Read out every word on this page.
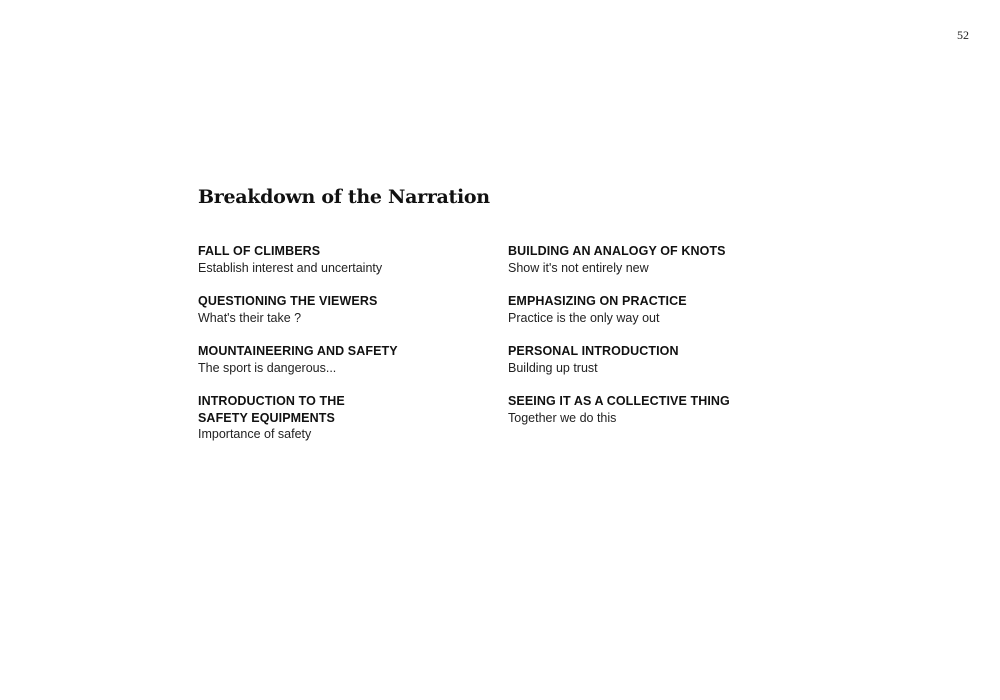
52
Breakdown of the Narration
FALL OF CLIMBERS
Establish interest and uncertainty
QUESTIONING THE VIEWERS
What's their take ?
MOUNTAINEERING AND SAFETY
The sport is dangerous...
INTRODUCTION TO THE
SAFETY EQUIPMENTS
Importance of safety
BUILDING AN ANALOGY OF KNOTS
Show it's not entirely new
EMPHASIZING ON PRACTICE
Practice is the only way out
PERSONAL INTRODUCTION
Building up trust
SEEING IT AS A COLLECTIVE THING
Together we do this
